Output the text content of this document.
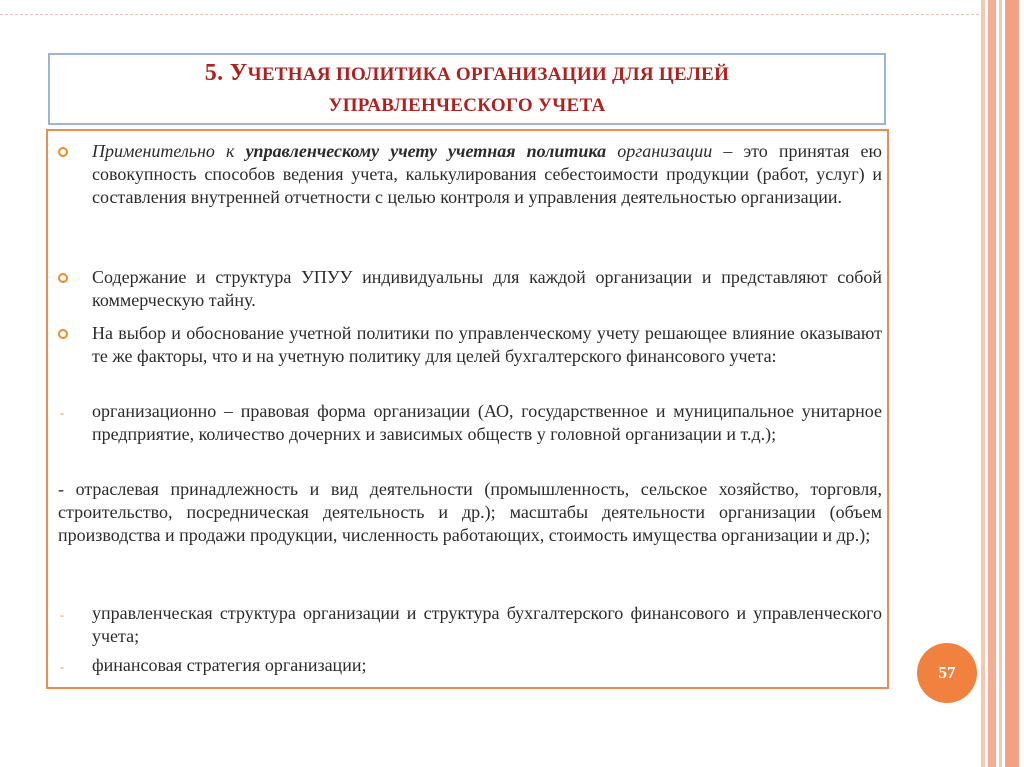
5. УЧЕТНАЯ ПОЛИТИКА ОРГАНИЗАЦИИ ДЛЯ ЦЕЛЕЙ
УПРАВЛЕНЧЕСКОГО УЧЕТА
Применительно к управленческому учету учетная политика организации – это принятая ею совокупность способов ведения учета, калькулирования себестоимости продукции (работ, услуг) и составления внутренней отчетности с целью контроля и управления деятельностью организации.
Содержание и структура УПУУ индивидуальны для каждой организации и представляют собой коммерческую тайну.
На выбор и обоснование учетной политики по управленческому учету решающее влияние оказывают те же факторы, что и на учетную политику для целей бухгалтерского финансового учета:
- организационно – правовая форма организации (АО, государственное и муниципальное унитарное предприятие, количество дочерних и зависимых обществ у головной организации и т.д.);
- отраслевая принадлежность и вид деятельности (промышленность, сельское хозяйство, торговля, строительство, посредническая деятельность и др.); масштабы деятельности организации (объем производства и продажи продукции, численность работающих, стоимость имущества организации и др.);
- управленческая структура организации и структура бухгалтерского финансового и управленческого учета;
- финансовая стратегия организации;	57
